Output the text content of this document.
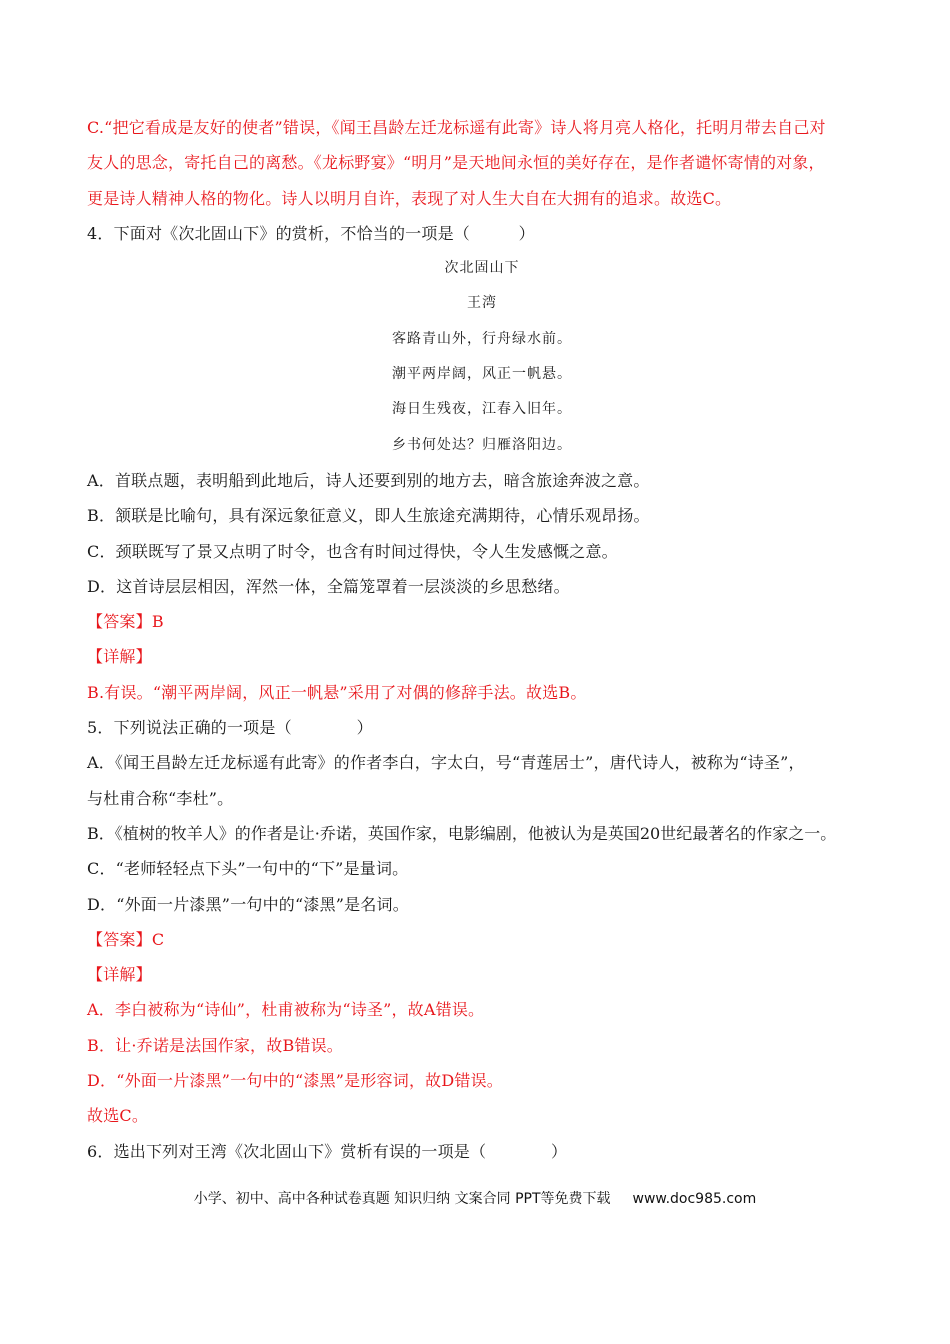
C.“把它看成是友好的使者”错误，《闻王昌龄左迁龙标遥有此寄》诗人将月亮人格化，托明月带去自己对
友人的思念，寄托自己的离愁。《龙标野宴》“明月”是天地间永恒的美好存在，是作者谴怀寄情的对象，
更是诗人精神人格的物化。诗人以明月自许，表现了对人生大自在大拥有的追求。故选C。
4．下面对《次北固山下》的赏析，不恰当的一项是（　　　）
次北固山下
王湾
客路青山外，行舟绿水前。
潮平两岸阔，风正一帆悬。
海日生残夜，江春入旧年。
乡书何处达？归雁洛阳边。
A．首联点题，表明船到此地后，诗人还要到别的地方去，暗含旅途奔波之意。
B．颔联是比喻句，具有深远象征意义，即人生旅途充满期待，心情乐观昂扬。
C．颈联既写了景又点明了时令，也含有时间过得快，令人生发感慨之意。
D．这首诗层层相因，浑然一体，全篇笼罩着一层淡淡的乡思愁绪。
【答案】B
【详解】
B.有误。“潮平两岸阔，风正一帆悬”采用了对偶的修辞手法。故选B。
5．下列说法正确的一项是（　　　　）
A．《闻王昌龄左迁龙标遥有此寄》的作者李白，字太白，号“青莲居士”，唐代诗人，被称为“诗圣”，
与杜甫合称“李杜”。
B．《植树的牧羊人》的作者是让·乔诺，英国作家，电影编剧，他被认为是英国20世纪最著名的作家之一。
C．“老师轻轻点下头”一句中的“下”是量词。
D．“外面一片漆黑”一句中的“漆黑”是名词。
【答案】C
【详解】
A．李白被称为“诗仙”，杜甫被称为“诗圣”，故A错误。
B．让·乔诺是法国作家，故B错误。
D．“外面一片漆黑”一句中的“漆黑”是形容词，故D错误。
故选C。
6．选出下列对王湾《次北固山下》赏析有误的一项是（　　　　）
小学、初中、高中各种试卷真题 知识归纳 文案合同 PPT等免费下载 www.doc985.com
